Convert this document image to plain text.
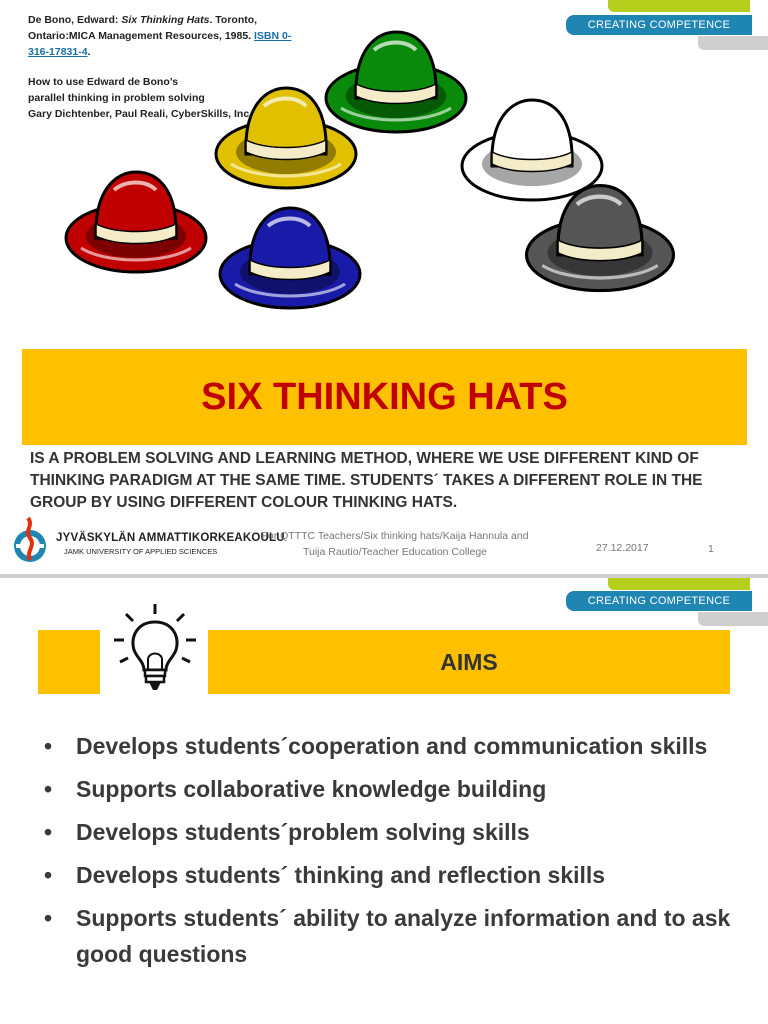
CREATING COMPETENCE

De Bono, Edward: Six Thinking Hats. Toronto,
Ontario:MICA Management Resources, 1985. ISBN 0-
316-17831-4.

How to use Edward de Bono’s
parallel thinking in problem solving
Gary Dichtenber, Paul Reali, CyberSkills, Inc.

SIX THINKING HATS
IS A PROBLEM SOLVING AND LEARNING METHOD, WHERE WE USE DIFFERENT KIND OF THINKING PARADIGM AT THE SAME TIME. STUDENTS´ TAKES A DIFFERENT ROLE IN THE GROUP BY USING DIFFERENT COLOUR THINKING HATS.
JYVÄSKYLÄN AMMATTIKORKEAKOULU
JAMK UNIVERSITY OF APPLIED SCIENCES
For QTTTC Teachers/Six thinking hats/Kaija Hannula and
Tuija Rautio/Teacher Education College	27.12.2017	1
CREATING COMPETENCE
AIMS
• Develops students´cooperation and communication skills
• Supports collaborative knowledge building
• Develops students´problem solving skills
• Develops students´ thinking and reflection skills
• Supports students´ ability to analyze information and to ask good questions
